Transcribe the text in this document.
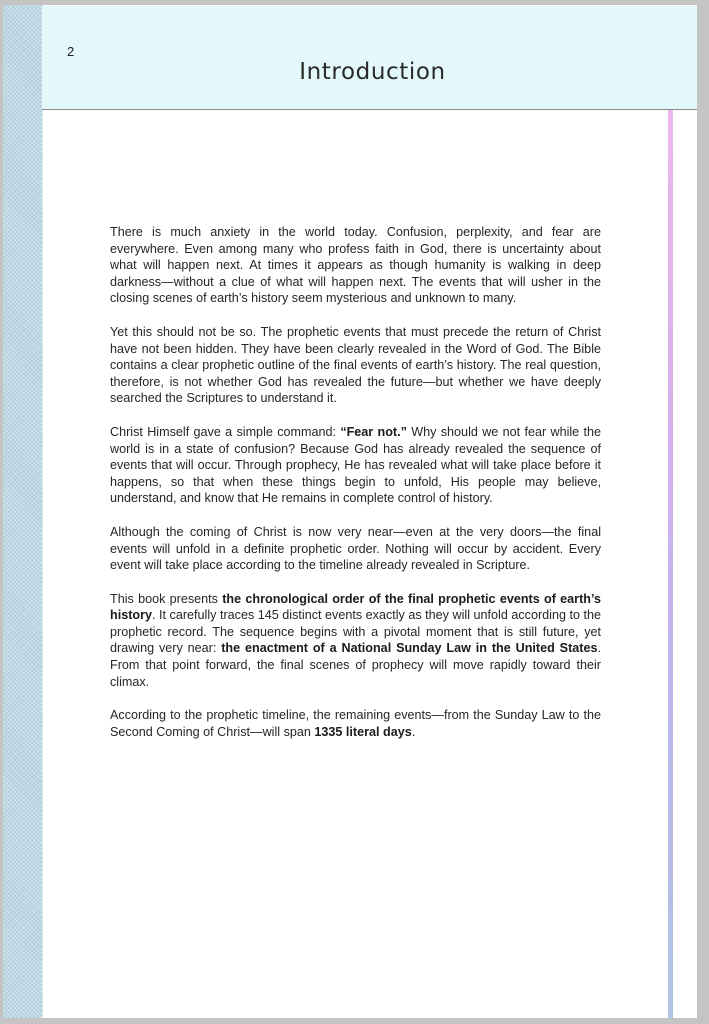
2
Introduction

There is much anxiety in the world today. Confusion, perplexity, and fear are everywhere. Even among many who profess faith in God, there is uncertainty about what will happen next. At times it appears as though humanity is walking in deep darkness—without a clue of what will happen next. The events that will usher in the closing scenes of earth’s history seem mysterious and unknown to many.

Yet this should not be so. The prophetic events that must precede the return of Christ have not been hidden. They have been clearly revealed in the Word of God. The Bible contains a clear prophetic outline of the final events of earth’s history. The real question, therefore, is not whether God has revealed the future—but whether we have deeply searched the Scriptures to understand it.

Christ Himself gave a simple command: “Fear not.” Why should we not fear while the world is in a state of confusion? Because God has already revealed the sequence of events that will occur. Through prophecy, He has revealed what will take place before it happens, so that when these things begin to unfold, His people may believe, understand, and know that He remains in complete control of history.

Although the coming of Christ is now very near—even at the very doors—the final events will unfold in a definite prophetic order. Nothing will occur by accident. Every event will take place according to the timeline already revealed in Scripture.

This book presents the chronological order of the final prophetic events of earth’s history. It carefully traces 145 distinct events exactly as they will unfold according to the prophetic record. The sequence begins with a pivotal moment that is still future, yet drawing very near: the enactment of a National Sunday Law in the United States. From that point forward, the final scenes of prophecy will move rapidly toward their climax.

According to the prophetic timeline, the remaining events—from the Sunday Law to the Second Coming of Christ—will span 1335 literal days.
